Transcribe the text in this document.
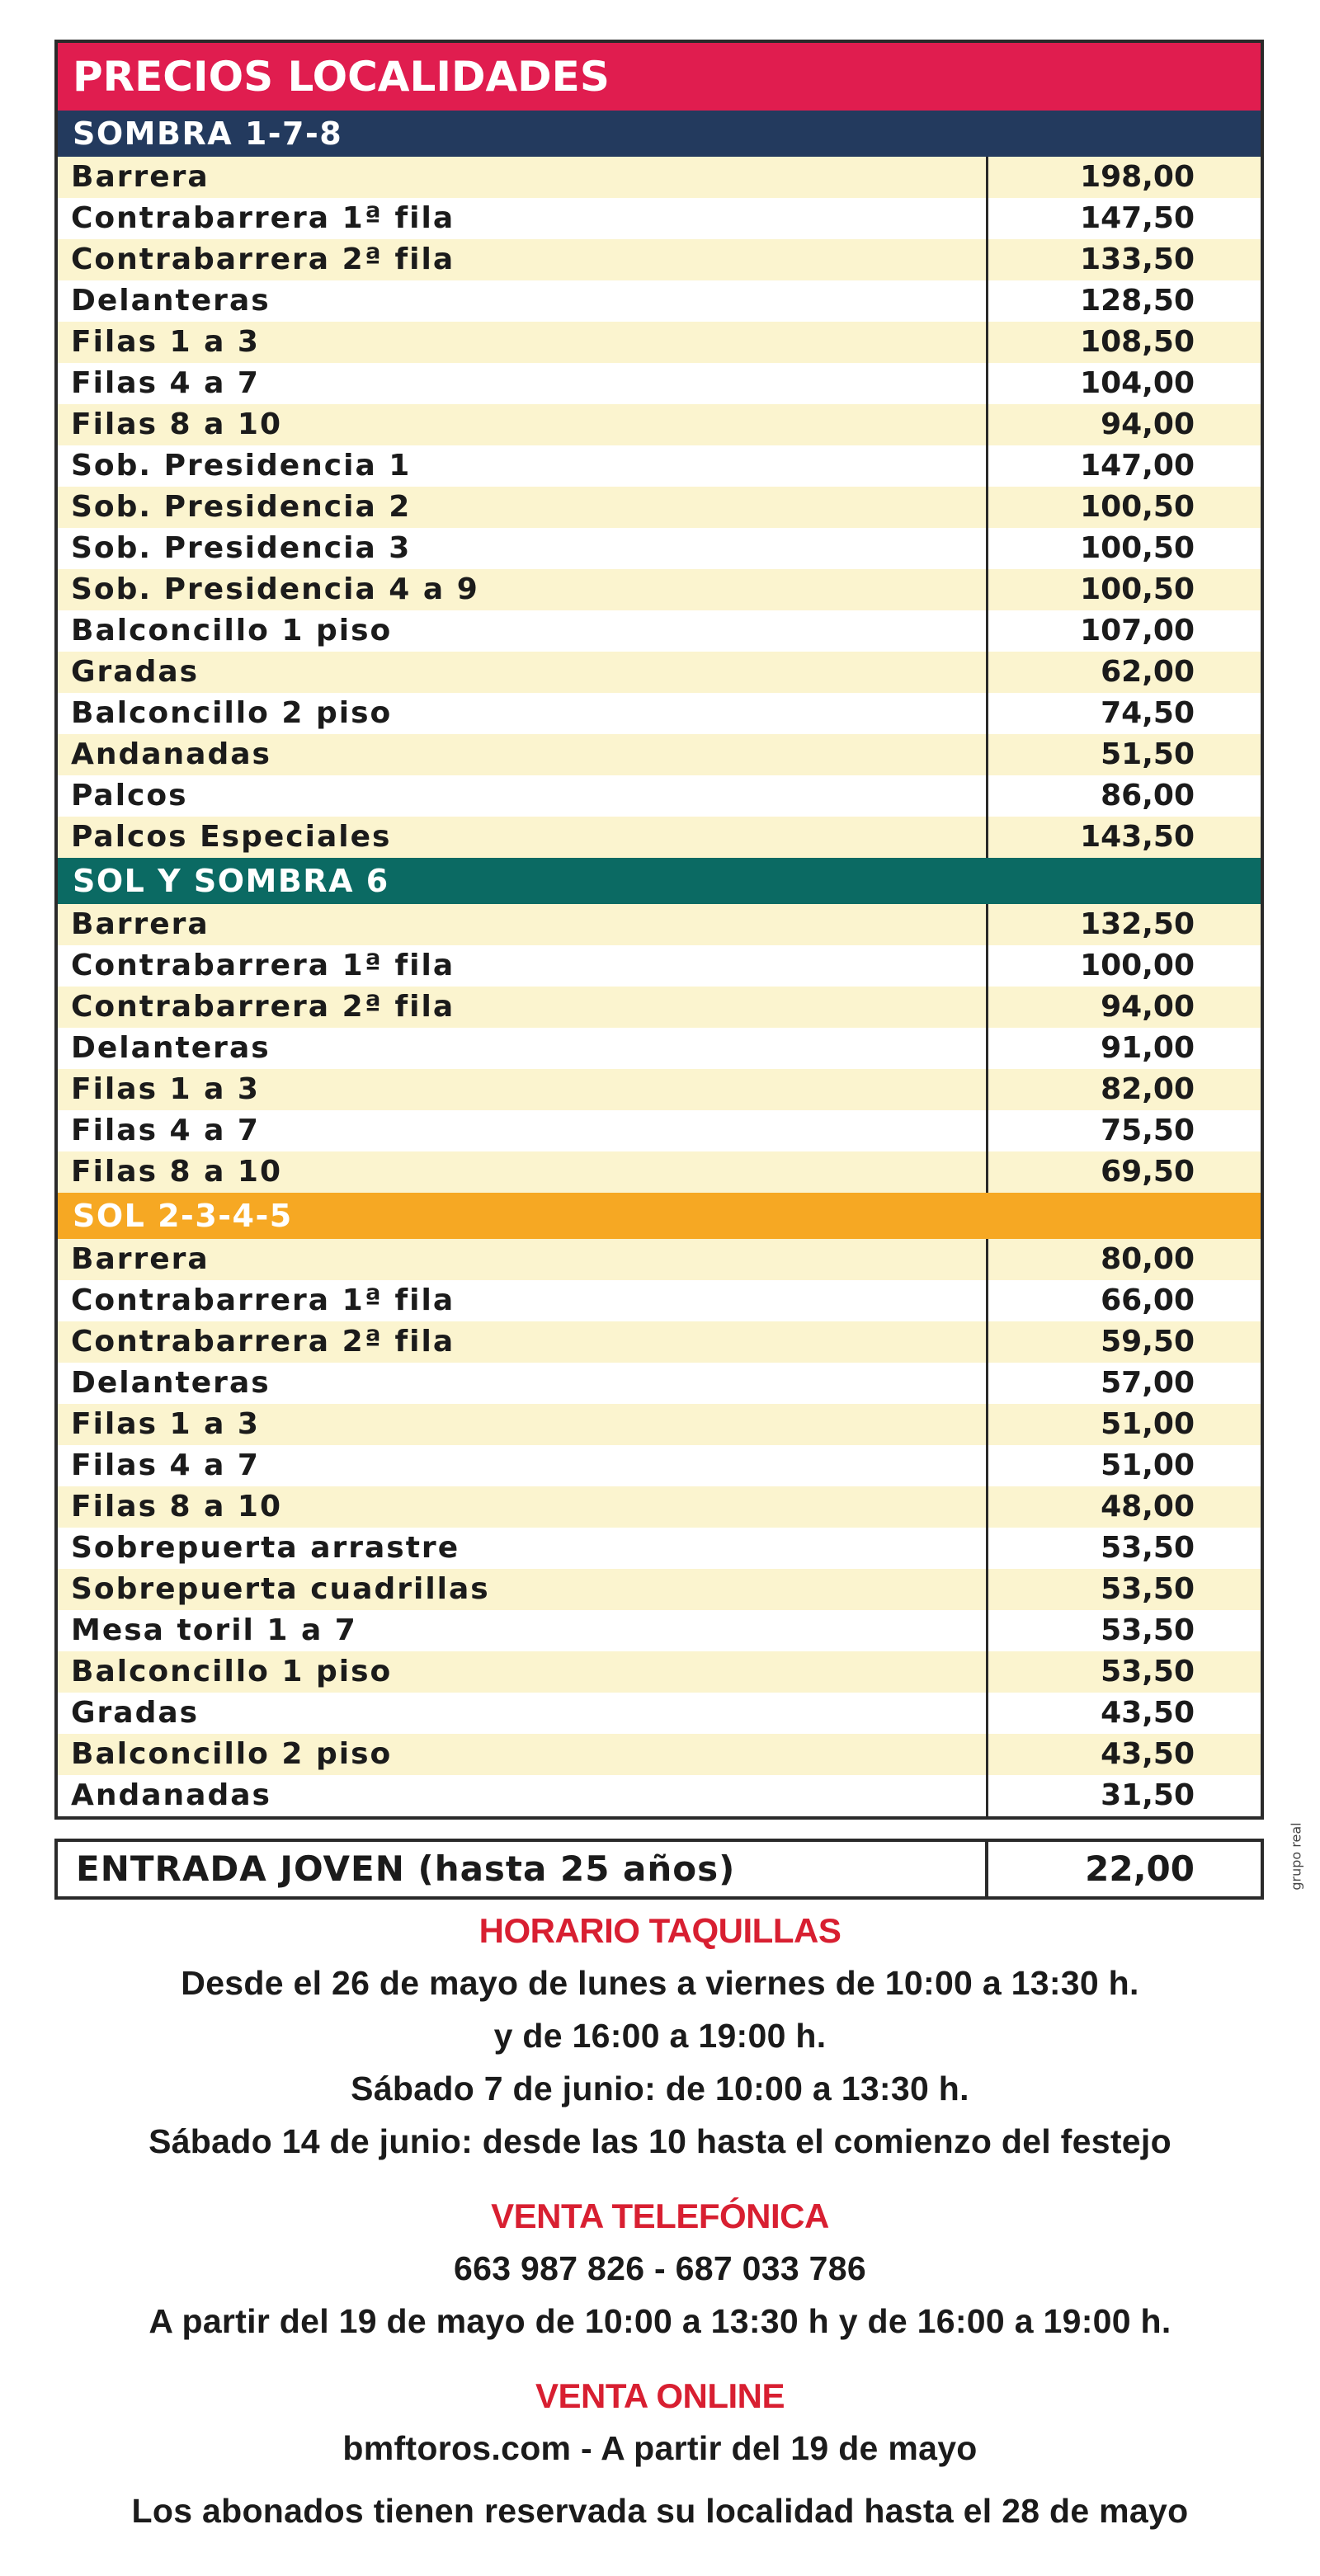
PRECIOS LOCALIDADES
SOMBRA 1-7-8
Barrera	198,00
Contrabarrera 1ª fila	147,50
Contrabarrera 2ª fila	133,50
Delanteras	128,50
Filas 1 a 3	108,50
Filas 4 a 7	104,00
Filas 8 a 10	94,00
Sob. Presidencia 1	147,00
Sob. Presidencia 2	100,50
Sob. Presidencia 3	100,50
Sob. Presidencia 4 a 9	100,50
Balconcillo 1 piso	107,00
Gradas	62,00
Balconcillo 2 piso	74,50
Andanadas	51,50
Palcos	86,00
Palcos Especiales	143,50
SOL Y SOMBRA 6
Barrera	132,50
Contrabarrera 1ª fila	100,00
Contrabarrera 2ª fila	94,00
Delanteras	91,00
Filas 1 a 3	82,00
Filas 4 a 7	75,50
Filas 8 a 10	69,50
SOL 2-3-4-5
Barrera	80,00
Contrabarrera 1ª fila	66,00
Contrabarrera 2ª fila	59,50
Delanteras	57,00
Filas 1 a 3	51,00
Filas 4 a 7	51,00
Filas 8 a 10	48,00
Sobrepuerta arrastre	53,50
Sobrepuerta cuadrillas	53,50
Mesa toril 1 a 7	53,50
Balconcillo 1 piso	53,50
Gradas	43,50
Balconcillo 2 piso	43,50
Andanadas	31,50
ENTRADA JOVEN (hasta 25 años)	22,00	grupo real
HORARIO TAQUILLAS
Desde el 26 de mayo de lunes a viernes de 10:00 a 13:30 h.
y de 16:00 a 19:00 h.
Sábado 7 de junio: de 10:00 a 13:30 h.
Sábado 14 de junio: desde las 10 hasta el comienzo del festejo
VENTA TELEFÓNICA
663 987 826 - 687 033 786
A partir del 19 de mayo de 10:00 a 13:30 h y de 16:00 a 19:00 h.
VENTA ONLINE
bmftoros.com - A partir del 19 de mayo
Los abonados tienen reservada su localidad hasta el 28 de mayo
